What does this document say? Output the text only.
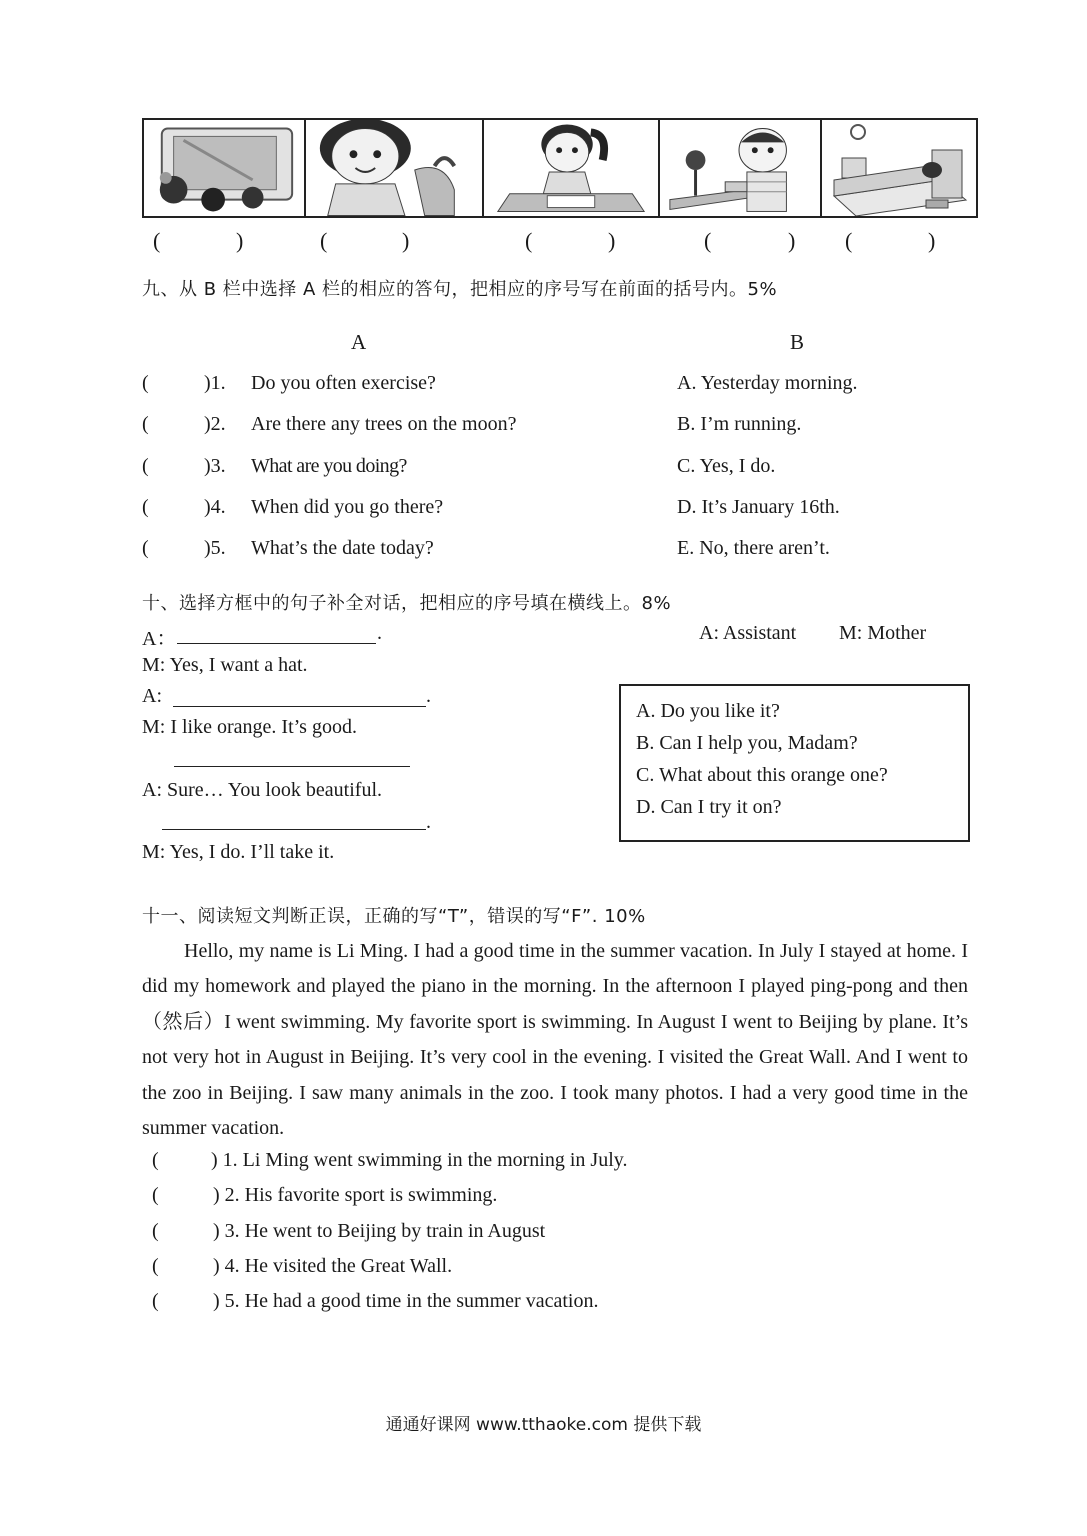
(	)	(	)	(	)	(	) (	)
九、从 B 栏中选择 A 栏的相应的答句，把相应的序号写在前面的括号内。5%
A	B
(	)1. Do you often exercise?	A. Yesterday morning.
(	)2. Are there any trees on the moon?	B. I’m running.
(	)3. What are you doing?	C. Yes, I do.
(	)4. When did you go there?	D. It’s January 16th.
(	)5. What’s the date today?	E. No, there aren’t.
十、选择方框中的句子补全对话，把相应的序号填在横线上。8%
A: Assistant M: Mother
A：	.
M: Yes, I want a hat.
A:	.
M: I like orange. It’s good.
A: Sure… You look beautiful.
.
M: Yes, I do. I’ll take it.
A. Do you like it?
B. Can I help you, Madam?
C. What about this orange one?
D. Can I try it on?
十一、阅读短文判断正误，正确的写“T”，错误的写“F”. 10%
Hello, my name is Li Ming. I had a good time in the summer vacation. In July I stayed at home. I did my homework and played the piano in the morning. In the afternoon I played ping-pong and then（然后）I went swimming. My favorite sport is swimming. In August I went to Beijing by plane. It’s not very hot in August in Beijing. It’s very cool in the evening. I visited the Great Wall. And I went to the zoo in Beijing. I saw many animals in the zoo. I took many photos. I had a very good time in the summer vacation.
(	) 1. Li Ming went swimming in the morning in July.
(	) 2. His favorite sport is swimming.
(	) 3. He went to Beijing by train in August
(	) 4. He visited the Great Wall.
(	) 5. He had a good time in the summer vacation.
通通好课网 www.tthaoke.com 提供下载
